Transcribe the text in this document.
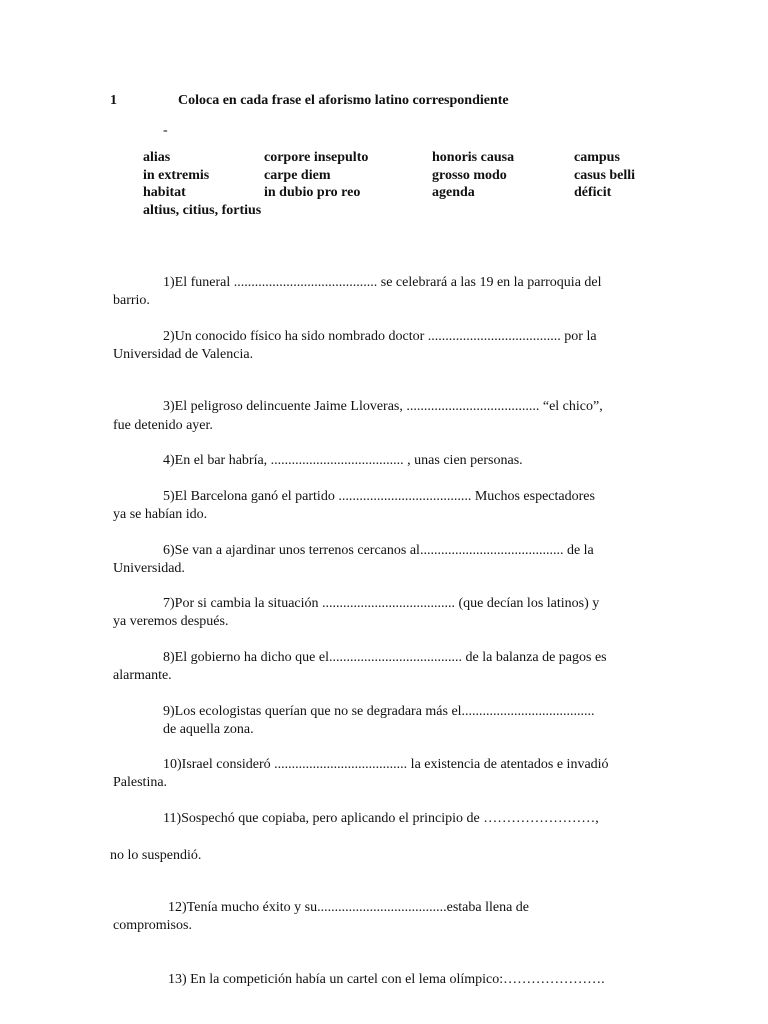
1	Coloca en cada frase el aforismo latino correspondiente
-
alias	corpore insepulto	honoris causa	campus
in extremis	carpe diem	grosso modo	casus belli
habitat	in dubio pro reo	agenda	déficit
altius, citius, fortius
1)El funeral ......................................... se celebrará a las 19 en la parroquia del
barrio.
2)Un conocido físico ha sido nombrado doctor ...................................... por la
Universidad de Valencia.
3)El peligroso delincuente Jaime Lloveras, ...................................... “el chico”,
fue detenido ayer.
4)En el bar habría, ...................................... , unas cien personas.
5)El Barcelona ganó el partido ...................................... Muchos espectadores
ya se habían ido.
6)Se van a ajardinar unos terrenos cercanos al......................................... de la
Universidad.
7)Por si cambia la situación ...................................... (que decían los latinos) y
ya veremos después.
8)El gobierno ha dicho que el...................................... de la balanza de pagos es
alarmante.
9)Los ecologistas querían que no se degradara más el......................................
de aquella zona.
10)Israel consideró ...................................... la existencia de atentados e invadió
Palestina.
11)Sospechó que copiaba, pero aplicando el principio de ……………………,
no lo suspendió.
12)Tenía mucho éxito y su.....................................estaba llena de
compromisos.
13) En la competición había un cartel con el lema olímpico:………………….
